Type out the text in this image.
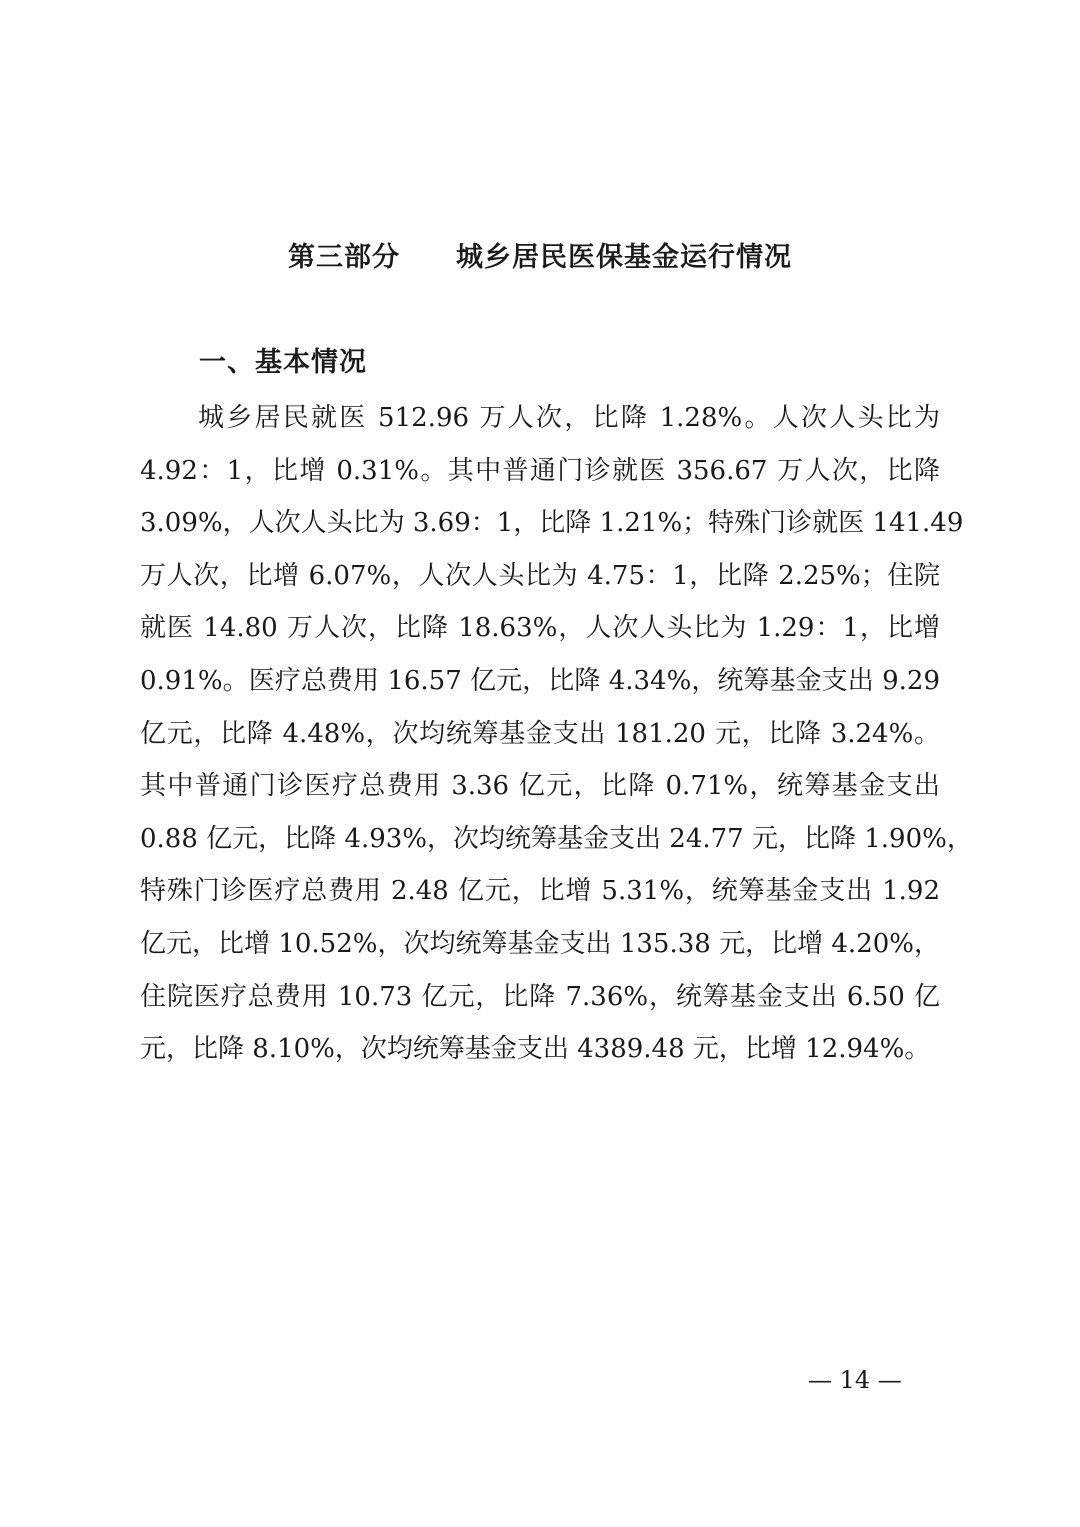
第三部分　　城乡居民医保基金运行情况
一、基本情况
城乡居民就医 512.96 万人次，比降 1.28%。人次人头比为
4.92：1，比增 0.31%。其中普通门诊就医 356.67 万人次，比降
3.09%，人次人头比为 3.69：1，比降 1.21%；特殊门诊就医 141.49
万人次，比增 6.07%，人次人头比为 4.75：1，比降 2.25%；住院
就医 14.80 万人次，比降 18.63%，人次人头比为 1.29：1，比增
0.91%。医疗总费用 16.57 亿元，比降 4.34%，统筹基金支出 9.29
亿元，比降 4.48%，次均统筹基金支出 181.20 元，比降 3.24%。
其中普通门诊医疗总费用 3.36 亿元，比降 0.71%，统筹基金支出
0.88 亿元，比降 4.93%，次均统筹基金支出 24.77 元，比降 1.90%，
特殊门诊医疗总费用 2.48 亿元，比增 5.31%，统筹基金支出 1.92
亿元，比增 10.52%，次均统筹基金支出 135.38 元，比增 4.20%，
住院医疗总费用 10.73 亿元，比降 7.36%，统筹基金支出 6.50 亿
元，比降 8.10%，次均统筹基金支出 4389.48 元，比增 12.94%。
— 14 —
